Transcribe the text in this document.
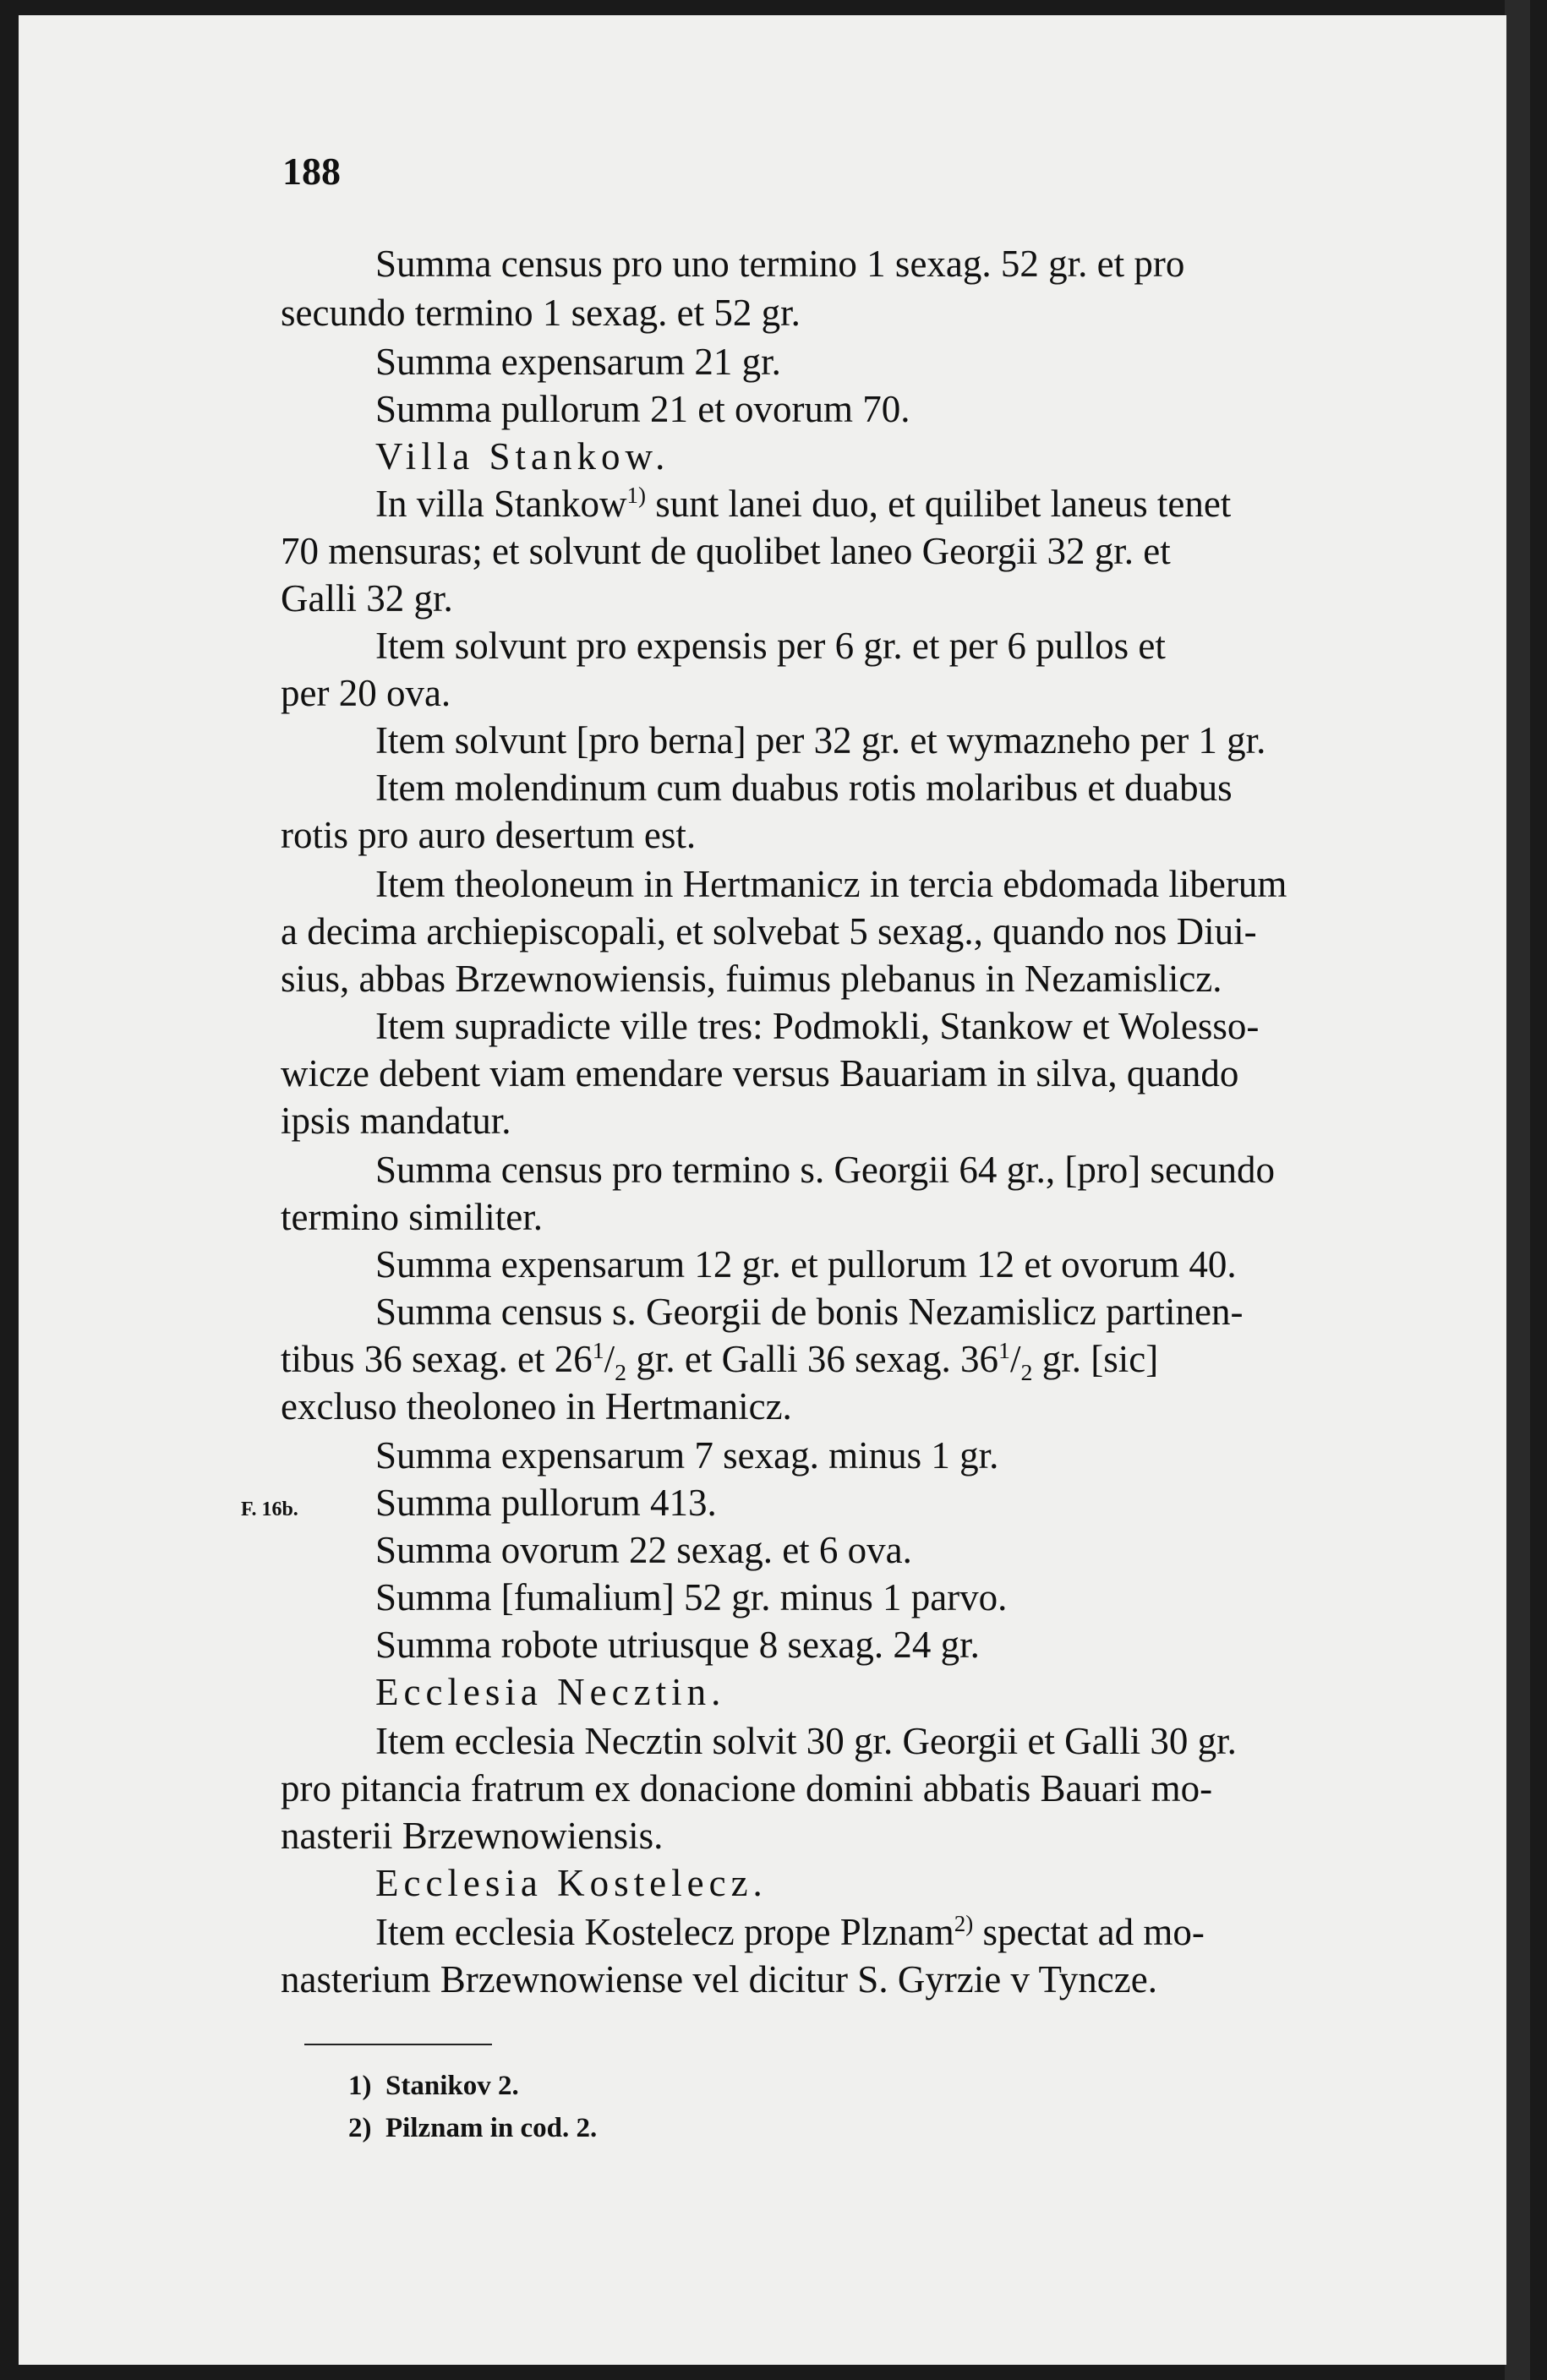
188
F. 16b.
Summa census pro uno termino 1 sexag. 52 gr. et pro
secundo termino 1 sexag. et 52 gr.
Summa expensarum 21 gr.
Summa pullorum 21 et ovorum 70.
Villa Stankow.
In villa Stankow$^{1)}$ sunt lanei duo, et quilibet laneus tenet
70 mensuras; et solvunt de quolibet laneo Georgii 32 gr. et
Galli 32 gr.
Item solvunt pro expensis per 6 gr. et per 6 pullos et
per 20 ova.
Item solvunt [pro berna] per 32 gr. et wymazneho per 1 gr.
Item molendinum cum duabus rotis molaribus et duabus
rotis pro auro desertum est.
Item theoloneum in Hertmanicz in tercia ebdomada liberum
a decima archiepiscopali, et solvebat 5 sexag., quando nos Diui-
sius, abbas Brzewnowiensis, fuimus plebanus in Nezamislicz.
Item supradicte ville tres: Podmokli, Stankow et Wolesso-
wicze debent viam emendare versus Bauariam in silva, quando
ipsis mandatur.
Summa census pro termino s. Georgii 64 gr., [pro] secundo
termino similiter.
Summa expensarum 12 gr. et pullorum 12 et ovorum 40.
Summa census s. Georgii de bonis Nezamislicz partinen-
tibus 36 sexag. et $26^1/_2$ gr. et Galli 36 sexag. $36^1/_2$ gr. [sic]
excluso theoloneo in Hertmanicz.
Summa expensarum 7 sexag. minus 1 gr.
Summa pullorum 413.
Summa ovorum 22 sexag. et 6 ova.
Summa [fumalium] 52 gr. minus 1 parvo.
Summa robote utriusque 8 sexag. 24 gr.
Ecclesia Necztin.
Item ecclesia Necztin solvit 30 gr. Georgii et Galli 30 gr.
pro pitancia fratrum ex donacione domini abbatis Bauari mo-
nasterii Brzewnowiensis.
Ecclesia Kostelecz.
Item ecclesia Kostelecz prope Plznam$^{2)}$ spectat ad mo-
nasterium Brzewnowiense vel dicitur S. Gyrzie v Tyncze.
1) Stanikov 2.
2) Pilznam in cod. 2.
